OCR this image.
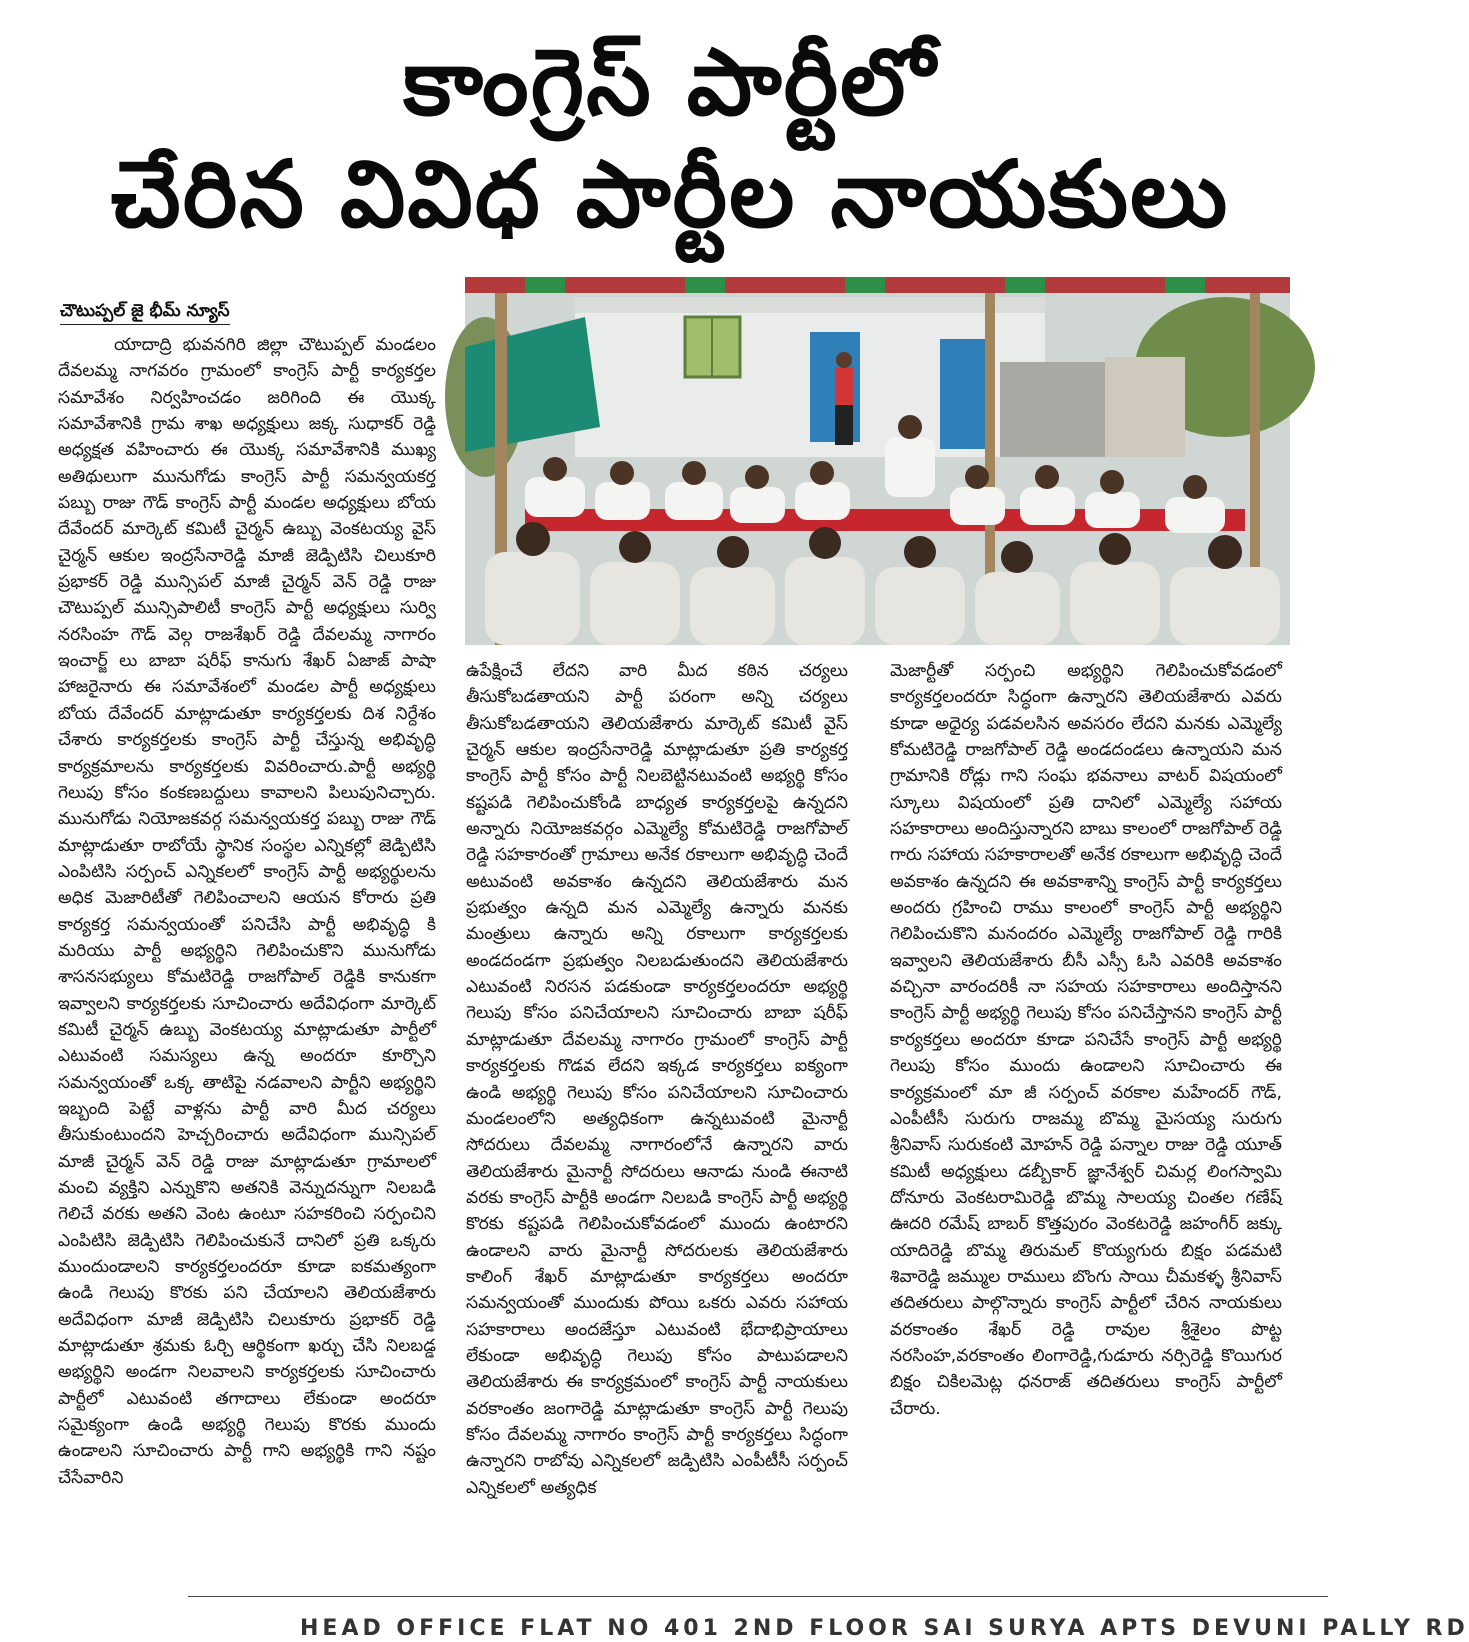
కాంగ్రెస్ పార్టీలో
చేరిన వివిధ పార్టీల నాయకులు
చౌటుప్పల్ జై భీమ్ న్యూస్
యాదాద్రి భువనగిరి జిల్లా చౌటుప్పల్ మండలం దేవలమ్మ నాగవరం గ్రామంలో కాంగ్రెస్ పార్టీ కార్యకర్తల సమావేశం నిర్వహించడం జరిగింది ఈ యొక్క సమావేశానికి గ్రామ శాఖ అధ్యక్షులు జక్క సుధాకర్ రెడ్డి అధ్యక్షత వహించారు ఈ యొక్క సమావేశానికి ముఖ్య అతిథులుగా మునుగోడు కాంగ్రెస్ పార్టీ సమన్వయకర్త పబ్బు రాజు గౌడ్ కాంగ్రెస్ పార్టీ మండల అధ్యక్షులు బోయ దేవేందర్ మార్కెట్ కమిటీ చైర్మన్ ఉబ్బు వెంకటయ్య వైస్ చైర్మన్ ఆకుల ఇంద్రసేనారెడ్డి మాజీ జెడ్పిటిసి చిలుకూరి ప్రభాకర్ రెడ్డి మున్సిపల్ మాజీ చైర్మన్ వెన్ రెడ్డి రాజు చౌటుప్పల్ మున్సిపాలిటీ కాంగ్రెస్ పార్టీ అధ్యక్షులు సుర్వి నరసింహ గౌడ్ వెల్గ రాజశేఖర్ రెడ్డి దేవలమ్మ నాగారం ఇంచార్జ్ లు బాబా షరీఫ్ కానుగు శేఖర్ ఏజాజ్ పాషా హాజరైనారు ఈ సమావేశంలో మండల పార్టీ అధ్యక్షులు బోయ దేవేందర్ మాట్లాడుతూ కార్యకర్తలకు దిశ నిర్దేశం చేశారు కార్యకర్తలకు కాంగ్రెస్ పార్టీ చేస్తున్న అభివృద్ధి కార్యక్రమాలను కార్యకర్తలకు వివరించారు.పార్టీ అభ్యర్థి గెలుపు కోసం కంకణబద్దులు కావాలని పిలుపునిచ్చారు. మునుగోడు నియోజకవర్గ సమన్వయకర్త పబ్బు రాజు గౌడ్ మాట్లాడుతూ రాబోయే స్థానిక సంస్థల ఎన్నికల్లో జెడ్పిటిసి ఎంపిటిసి సర్పంచ్ ఎన్నికలలో కాంగ్రెస్ పార్టీ అభ్యర్థులను అధిక మెజారిటీతో గెలిపించాలని ఆయన కోరారు ప్రతి కార్యకర్త సమన్వయంతో పనిచేసి పార్టీ అభివృద్ధి కి మరియు పార్టీ అభ్యర్థిని గెలిపించుకొని మునుగోడు శాసనసభ్యులు కోమటిరెడ్డి రాజగోపాల్ రెడ్డికి కానుకగా ఇవ్వాలని కార్యకర్తలకు సూచించారు అదేవిధంగా మార్కెట్ కమిటీ చైర్మన్ ఉబ్బు వెంకటయ్య మాట్లాడుతూ పార్టీలో ఎటువంటి సమస్యలు ఉన్న అందరూ కూర్చొని సమన్వయంతో ఒక్క తాటిపై నడవాలని పార్టీని అభ్యర్థిని ఇబ్బంది పెట్టే వాళ్లను పార్టీ వారి మీద చర్యలు తీసుకుంటుందని హెచ్చరించారు అదేవిధంగా మున్సిపల్ మాజీ చైర్మన్ వెన్ రెడ్డి రాజు మాట్లాడుతూ గ్రామాలలో మంచి వ్యక్తిని ఎన్నుకొని అతనికి వెన్నుదన్నుగా నిలబడి గెలిచే వరకు అతని వెంట ఉంటూ సహకరించి సర్పంచిని ఎంపిటిసి జెడ్పిటిసి గెలిపించుకునే దానిలో ప్రతి ఒక్కరు ముందుండాలని కార్యకర్తలందరూ కూడా ఐకమత్యంగా ఉండి గెలుపు కొరకు పని చేయాలని తెలియజేశారు అదేవిధంగా మాజీ జెడ్పిటిసి చిలుకూరు ప్రభాకర్ రెడ్డి మాట్లాడుతూ శ్రమకు ఓర్చి ఆర్థికంగా ఖర్చు చేసి నిలబడ్డ అభ్యర్థిని అండగా నిలవాలని కార్యకర్తలకు సూచించారు పార్టీలో ఎటువంటి తగాదాలు లేకుండా అందరూ సమైక్యంగా ఉండి అభ్యర్థి గెలుపు కొరకు ముందు ఉండాలని సూచించారు పార్టీ గాని అభ్యర్థికి గాని నష్టం చేసేవారిని
ఉపేక్షించే లేదని వారి మీద కఠిన చర్యలు తీసుకోబడతాయని పార్టీ పరంగా అన్ని చర్యలు తీసుకోబడతాయని తెలియజేశారు మార్కెట్ కమిటీ వైస్ చైర్మన్ ఆకుల ఇంద్రసేనారెడ్డి మాట్లాడుతూ ప్రతి కార్యకర్త కాంగ్రెస్ పార్టీ కోసం పార్టీ నిలబెట్టినటువంటి అభ్యర్థి కోసం కష్టపడి గెలిపించుకోండి బాధ్యత కార్యకర్తలపై ఉన్నదని అన్నారు నియోజకవర్గం ఎమ్మెల్యే కోమటిరెడ్డి రాజగోపాల్ రెడ్డి సహకారంతో గ్రామాలు అనేక రకాలుగా అభివృద్ధి చెందే అటువంటి అవకాశం ఉన్నదని తెలియజేశారు మన ప్రభుత్వం ఉన్నది మన ఎమ్మెల్యే ఉన్నారు మనకు మంత్రులు ఉన్నారు అన్ని రకాలుగా కార్యకర్తలకు అండదండగా ప్రభుత్వం నిలబడుతుందని తెలియజేశారు ఎటువంటి నిరసన పడకుండా కార్యకర్తలందరూ అభ్యర్థి గెలుపు కోసం పనిచేయాలని సూచించారు బాబా షరీఫ్ మాట్లాడుతూ దేవలమ్మ నాగారం గ్రామంలో కాంగ్రెస్ పార్టీ కార్యకర్తలకు గొడవ లేదని ఇక్కడ కార్యకర్తలు ఐక్యంగా ఉండి అభ్యర్థి గెలుపు కోసం పనిచేయాలని సూచించారు మండలంలోని అత్యధికంగా ఉన్నటువంటి మైనార్టీ సోదరులు దేవలమ్మ నాగారంలోనే ఉన్నారని వారు తెలియజేశారు మైనార్టీ సోదరులు ఆనాడు నుండి ఈనాటి వరకు కాంగ్రెస్ పార్టీకి అండగా నిలబడి కాంగ్రెస్ పార్టీ అభ్యర్థి కొరకు కష్టపడి గెలిపించుకోవడంలో ముందు ఉంటారని ఉండాలని వారు మైనార్టీ సోదరులకు తెలియజేశారు కాలింగ్ శేఖర్ మాట్లాడుతూ కార్యకర్తలు అందరూ సమన్వయంతో ముందుకు పోయి ఒకరు ఎవరు సహాయ సహకారాలు అందజేస్తూ ఎటువంటి భేదాభిప్రాయాలు లేకుండా అభివృద్ధి గెలుపు కోసం పాటుపడాలని తెలియజేశారు ఈ కార్యక్రమంలో కాంగ్రెస్ పార్టీ నాయకులు వరకాంతం జంగారెడ్డి మాట్లాడుతూ కాంగ్రెస్ పార్టీ గెలుపు కోసం దేవలమ్మ నాగారం కాంగ్రెస్ పార్టీ కార్యకర్తలు సిద్ధంగా ఉన్నారని రాబోవు ఎన్నికలలో జడ్పిటిసి ఎంపీటీసీ సర్పంచ్ ఎన్నికలలో అత్యధిక
మెజార్టీతో సర్పంచి అభ్యర్థిని గెలిపించుకోవడంలో కార్యకర్తలందరూ సిద్ధంగా ఉన్నారని తెలియజేశారు ఎవరు కూడా అధైర్య పడవలసిన అవసరం లేదని మనకు ఎమ్మెల్యే కోమటిరెడ్డి రాజగోపాల్ రెడ్డి అండదండలు ఉన్నాయని మన గ్రామానికి రోడ్లు గాని సంఘ భవనాలు వాటర్ విషయంలో స్కూలు విషయంలో ప్రతి దానిలో ఎమ్మెల్యే సహాయ సహకారాలు అందిస్తున్నారని బాబు కాలంలో రాజగోపాల్ రెడ్డి గారు సహాయ సహకారాలతో అనేక రకాలుగా అభివృద్ధి చెందే అవకాశం ఉన్నదని ఈ అవకాశాన్ని కాంగ్రెస్ పార్టీ కార్యకర్తలు అందరు గ్రహించి రాము కాలంలో కాంగ్రెస్ పార్టీ అభ్యర్థిని గెలిపించుకొని మనందరం ఎమ్మెల్యే రాజగోపాల్ రెడ్డి గారికి ఇవ్వాలని తెలియజేశారు బీసీ ఎస్సీ ఓసి ఎవరికి అవకాశం వచ్చినా వారందరికీ నా సహయ సహకారాలు అందిస్తానని కాంగ్రెస్ పార్టీ అభ్యర్థి గెలుపు కోసం పనిచేస్తానని కాంగ్రెస్ పార్టీ కార్యకర్తలు అందరూ కూడా పనిచేసే కాంగ్రెస్ పార్టీ అభ్యర్థి గెలుపు కోసం ముందు ఉండాలని సూచించారు ఈ కార్యక్రమంలో మా జీ సర్పంచ్ వరకాల మహేందర్ గౌడ్, ఎంపీటీసీ సురుగు రాజమ్మ బొమ్మ మైసయ్య సురుగు శ్రీనివాస్ సురుకంటి మోహన్ రెడ్డి పన్నాల రాజు రెడ్డి యూత్ కమిటీ అధ్యక్షులు డబ్బీకార్ జ్ఞానేశ్వర్ చిమర్ల లింగస్వామి దోనూరు వెంకటరామిరెడ్డి బొమ్మ సాలయ్య చింతల గణేష్ ఊదరి రమేష్ బాబర్ కొత్తపురం వెంకటరెడ్డి జహంగీర్ జక్కు యాదిరెడ్డి బొమ్మ తిరుమల్ కొయ్యగురు బిక్షం పడమటి శివారెడ్డి జమ్ముల రాములు బొంగు సాయి చీమకళ్ళ శ్రీనివాస్ తదితరులు పాల్గొన్నారు కాంగ్రెస్ పార్టీలో చేరిన నాయకులు వరకాంతం శేఖర్ రెడ్డి రావుల శ్రీశైలం పొట్ట నరసింహ,వరకాంతం లింగారెడ్డి,గుడూరు నర్సిరెడ్డి కొయిగుర బిక్షం చికిలమెట్ల ధనరాజ్ తదితరులు కాంగ్రెస్ పార్టీలో చేరారు.
HEAD OFFICE FLAT NO 401 2ND FLOOR SAI SURYA APTS DEVUNI PALLY RD
